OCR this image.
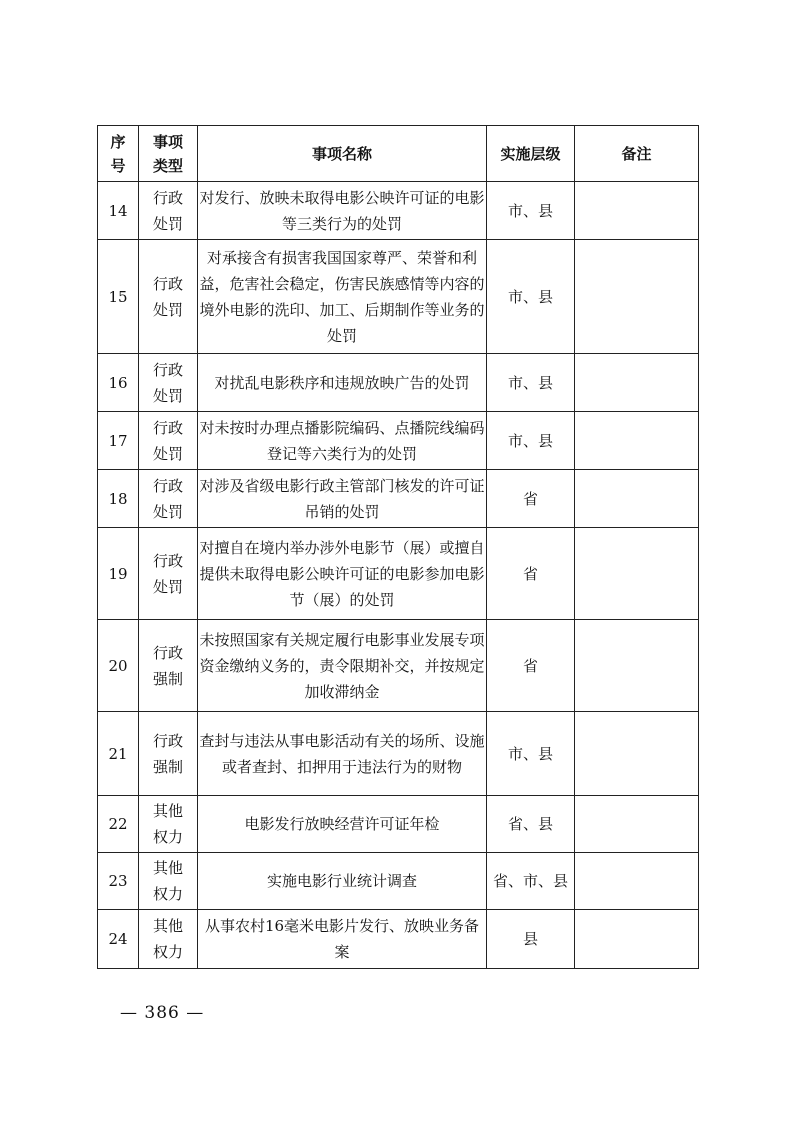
序号	事项类型	事项名称	实施层级	备注
14	行政处罚	对发行、放映未取得电影公映许可证的电影等三类行为的处罚	市、县	
15	行政处罚	对承接含有损害我国国家尊严、荣誉和利益，危害社会稳定，伤害民族感情等内容的境外电影的洗印、加工、后期制作等业务的处罚	市、县	
16	行政处罚	对扰乱电影秩序和违规放映广告的处罚	市、县	
17	行政处罚	对未按时办理点播影院编码、点播院线编码登记等六类行为的处罚	市、县	
18	行政处罚	对涉及省级电影行政主管部门核发的许可证吊销的处罚	省	
19	行政处罚	对擅自在境内举办涉外电影节（展）或擅自提供未取得电影公映许可证的电影参加电影节（展）的处罚	省	
20	行政强制	未按照国家有关规定履行电影事业发展专项资金缴纳义务的，责令限期补交，并按规定加收滞纳金	省	
21	行政强制	查封与违法从事电影活动有关的场所、设施或者查封、扣押用于违法行为的财物	市、县	
22	其他权力	电影发行放映经营许可证年检	省、县	
23	其他权力	实施电影行业统计调查	省、市、县	
24	其他权力	从事农村16毫米电影片发行、放映业务备案	县	
— 386 —
